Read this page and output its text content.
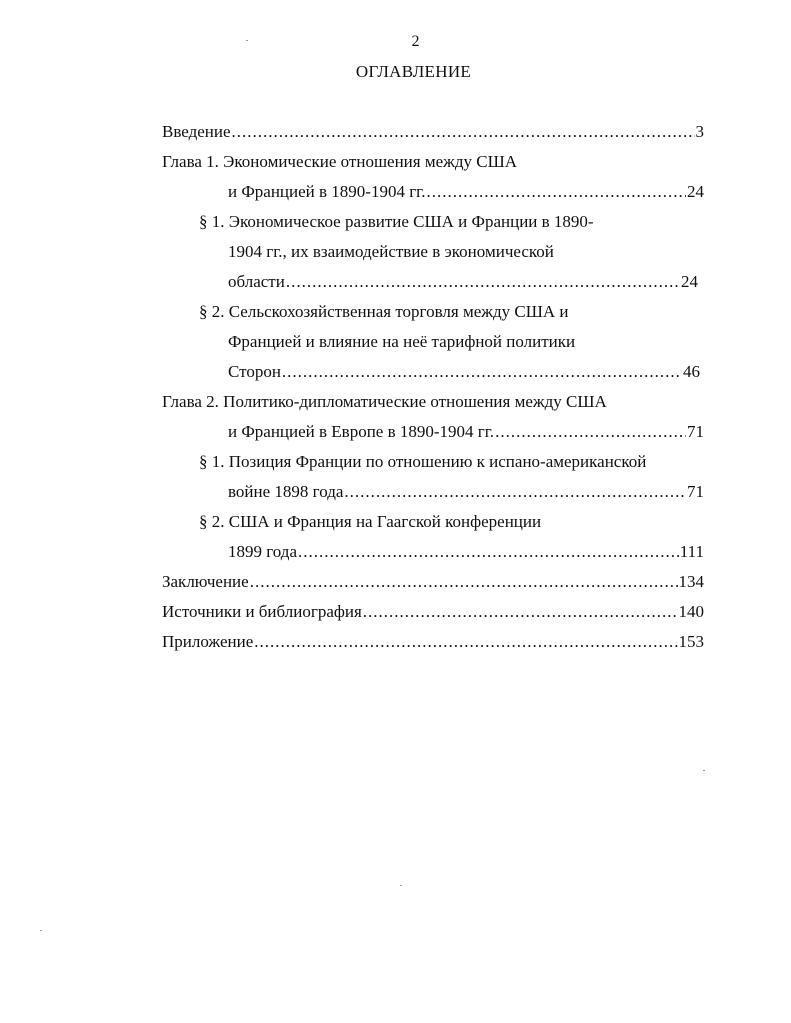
2
ОГЛАВЛЕНИЕ
Введение .....	3
Глава 1. Экономические отношения между США
и Францией в 1890-1904 гг. .....	24
§ 1. Экономическое развитие США и Франции в 1890-
1904 гг., их взаимодействие в экономической
области .....	24
§ 2. Сельскохозяйственная торговля между США и
Францией и влияние на неё тарифной политики
Сторон .....	46
Глава 2. Политико-дипломатические отношения между США
и Францией в Европе в 1890-1904 гг. .....	71
§ 1. Позиция Франции по отношению к испано-американской
войне 1898 года .....	71
§ 2. США и Франция на Гаагской конференции
1899 года .....	111
Заключение .....	134
Источники и библиография .....	140
Приложение .....	153
